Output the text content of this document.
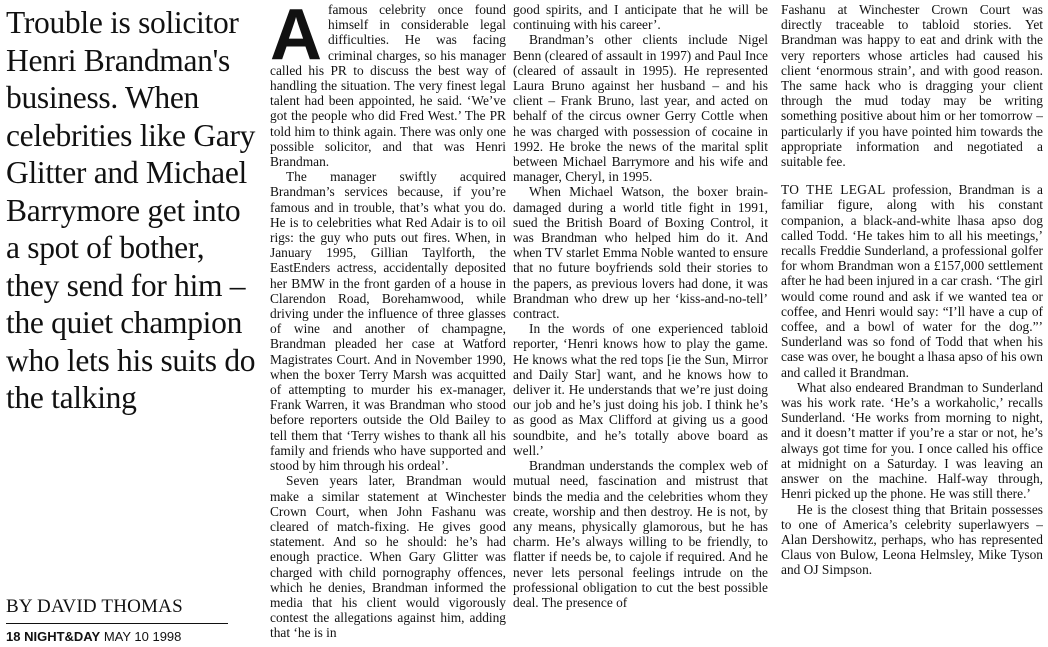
Trouble is solicitor Henri Brandman's business. When celebrities like Gary Glitter and Michael Barrymore get into a spot of bother, they send for him – the quiet champion who lets his suits do the talking
BY DAVID THOMAS
18 NIGHT&DAY MAY 10 1998

A famous celebrity once found himself in considerable legal difficulties. He was facing criminal charges, so his manager called his PR to discuss the best way of handling the situation. The very finest legal talent had been appointed, he said. ‘We’ve got the people who did Fred West.’ The PR told him to think again. There was only one possible solicitor, and that was Henri Brandman.

The manager swiftly acquired Brandman’s services because, if you’re famous and in trouble, that’s what you do. He is to celebrities what Red Adair is to oil rigs: the guy who puts out fires. When, in January 1995, Gillian Taylforth, the EastEnders actress, accidentally deposited her BMW in the front garden of a house in Clarendon Road, Borehamwood, while driving under the influence of three glasses of wine and another of champagne, Brandman pleaded her case at Watford Magistrates Court. And in November 1990, when the boxer Terry Marsh was acquitted of attempting to murder his ex-manager, Frank Warren, it was Brandman who stood before reporters outside the Old Bailey to tell them that ‘Terry wishes to thank all his family and friends who have supported and stood by him through his ordeal’.

Seven years later, Brandman would make a similar statement at Winchester Crown Court, when John Fashanu was cleared of match-fixing. He gives good statement. And so he should: he’s had enough practice. When Gary Glitter was charged with child pornography offences, which he denies, Brandman informed the media that his client would vigorously contest the allegations against him, adding that ‘he is in

good spirits, and I anticipate that he will be continuing with his career’.

Brandman’s other clients include Nigel Benn (cleared of assault in 1997) and Paul Ince (cleared of assault in 1995). He represented Laura Bruno against her husband – and his client – Frank Bruno, last year, and acted on behalf of the circus owner Gerry Cottle when he was charged with possession of cocaine in 1992. He broke the news of the marital split between Michael Barrymore and his wife and manager, Cheryl, in 1995.

When Michael Watson, the boxer brain-damaged during a world title fight in 1991, sued the British Board of Boxing Control, it was Brandman who helped him do it. And when TV starlet Emma Noble wanted to ensure that no future boyfriends sold their stories to the papers, as previous lovers had done, it was Brandman who drew up her ‘kiss-and-no-tell’ contract.

In the words of one experienced tabloid reporter, ‘Henri knows how to play the game. He knows what the red tops [ie the Sun, Mirror and Daily Star] want, and he knows how to deliver it. He understands that we’re just doing our job and he’s just doing his job. I think he’s as good as Max Clifford at giving us a good soundbite, and he’s totally above board as well.’

Brandman understands the complex web of mutual need, fascination and mistrust that binds the media and the celebrities whom they create, worship and then destroy. He is not, by any means, physically glamorous, but he has charm. He’s always willing to be friendly, to flatter if needs be, to cajole if required. And he never lets personal feelings intrude on the professional obligation to cut the best possible deal. The presence of

Fashanu at Winchester Crown Court was directly traceable to tabloid stories. Yet Brandman was happy to eat and drink with the very reporters whose articles had caused his client ‘enormous strain’, and with good reason. The same hack who is dragging your client through the mud today may be writing something positive about him or her tomorrow – particularly if you have pointed him towards the appropriate information and negotiated a suitable fee.

TO THE LEGAL profession, Brandman is a familiar figure, along with his constant companion, a black-and-white lhasa apso dog called Todd. ‘He takes him to all his meetings,’ recalls Freddie Sunderland, a professional golfer for whom Brandman won a £157,000 settlement after he had been injured in a car crash. ‘The girl would come round and ask if we wanted tea or coffee, and Henri would say: “I’ll have a cup of coffee, and a bowl of water for the dog.”’ Sunderland was so fond of Todd that when his case was over, he bought a lhasa apso of his own and called it Brandman.

What also endeared Brandman to Sunderland was his work rate. ‘He’s a workaholic,’ recalls Sunderland. ‘He works from morning to night, and it doesn’t matter if you’re a star or not, he’s always got time for you. I once called his office at midnight on a Saturday. I was leaving an answer on the machine. Half-way through, Henri picked up the phone. He was still there.’

He is the closest thing that Britain possesses to one of America’s celebrity superlawyers – Alan Dershowitz, perhaps, who has represented Claus von Bulow, Leona Helmsley, Mike Tyson and OJ Simpson.
